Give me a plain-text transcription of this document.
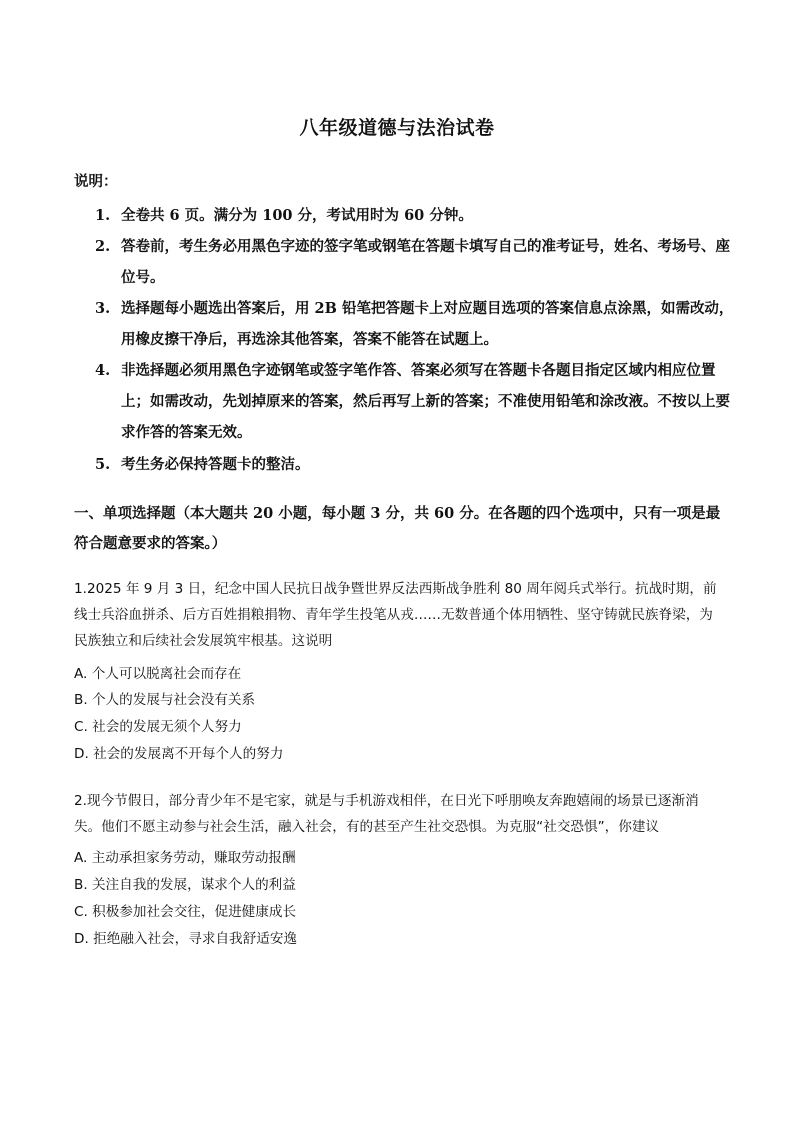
八年级道德与法治试卷
说明：
1. 全卷共 6 页。满分为 100 分，考试用时为 60 分钟。
2. 答卷前，考生务必用黑色字迹的签字笔或钢笔在答题卡填写自己的准考证号，姓名、考场号、座位号。
3. 选择题每小题选出答案后，用 2B 铅笔把答题卡上对应题目选项的答案信息点涂黑，如需改动，用橡皮擦干净后，再选涂其他答案，答案不能答在试题上。
4. 非选择题必须用黑色字迹钢笔或签字笔作答、答案必须写在答题卡各题目指定区域内相应位置上；如需改动，先划掉原来的答案，然后再写上新的答案；不准使用铅笔和涂改液。不按以上要求作答的答案无效。
5. 考生务必保持答题卡的整洁。
一、单项选择题（本大题共 20 小题，每小题 3 分，共 60 分。在各题的四个选项中，只有一项是最符合题意要求的答案。）
1.2025 年 9 月 3 日，纪念中国人民抗日战争暨世界反法西斯战争胜利 80 周年阅兵式举行。抗战时期，前线士兵浴血拼杀、后方百姓捐粮捐物、青年学生投笔从戎……无数普通个体用牺牲、坚守铸就民族脊梁，为民族独立和后续社会发展筑牢根基。这说明
A. 个人可以脱离社会而存在
B. 个人的发展与社会没有关系
C. 社会的发展无须个人努力
D. 社会的发展离不开每个人的努力
2.现今节假日，部分青少年不是宅家，就是与手机游戏相伴，在日光下呼朋唤友奔跑嬉闹的场景已逐渐消失。他们不愿主动参与社会生活，融入社会，有的甚至产生社交恐惧。为克服“社交恐惧”，你建议
A. 主动承担家务劳动，赚取劳动报酬
B. 关注自我的发展，谋求个人的利益
C. 积极参加社会交往，促进健康成长
D. 拒绝融入社会，寻求自我舒适安逸
